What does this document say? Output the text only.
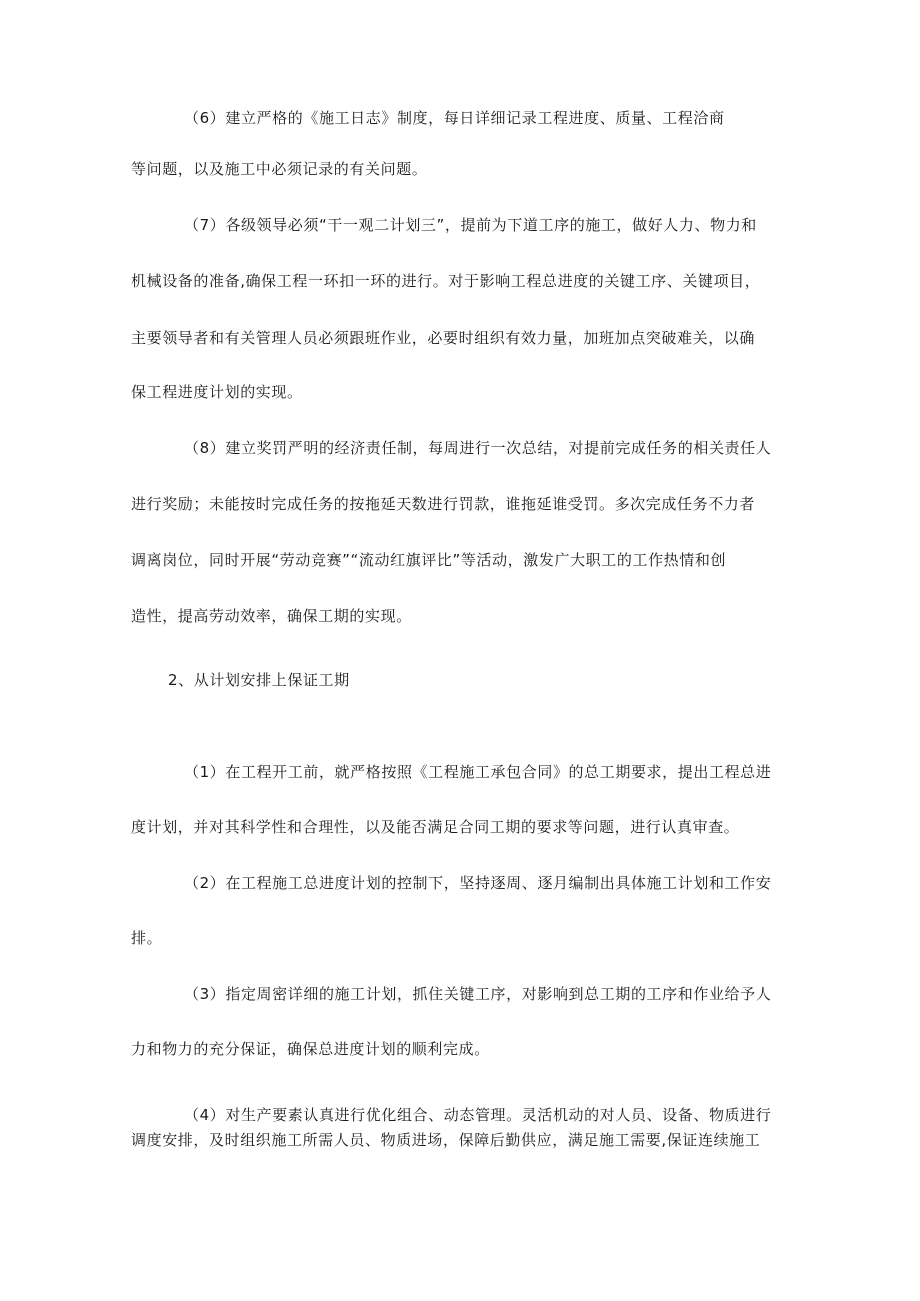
（6）建立严格的《施工日志》制度，每日详细记录工程进度、质量、工程洽商
等问题，以及施工中必须记录的有关问题。
（7）各级领导必须“干一观二计划三”，提前为下道工序的施工，做好人力、物力和
机械设备的准备,确保工程一环扣一环的进行。对于影响工程总进度的关键工序、关键项目，
主要领导者和有关管理人员必须跟班作业，必要时组织有效力量，加班加点突破难关，以确
保工程进度计划的实现。
（8）建立奖罚严明的经济责任制，每周进行一次总结，对提前完成任务的相关责任人
进行奖励；未能按时完成任务的按拖延天数进行罚款，谁拖延谁受罚。多次完成任务不力者
调离岗位，同时开展“劳动竞赛”“流动红旗评比”等活动，激发广大职工的工作热情和创
造性，提高劳动效率，确保工期的实现。
2、从计划安排上保证工期
（1）在工程开工前，就严格按照《工程施工承包合同》的总工期要求，提出工程总进
度计划，并对其科学性和合理性，以及能否满足合同工期的要求等问题，进行认真审查。
（2）在工程施工总进度计划的控制下，坚持逐周、逐月编制出具体施工计划和工作安
排。
（3）指定周密详细的施工计划，抓住关键工序，对影响到总工期的工序和作业给予人
力和物力的充分保证，确保总进度计划的顺利完成。
（4）对生产要素认真进行优化组合、动态管理。灵活机动的对人员、设备、物质进行
调度安排，及时组织施工所需人员、物质进场，保障后勤供应，满足施工需要,保证连续施工
